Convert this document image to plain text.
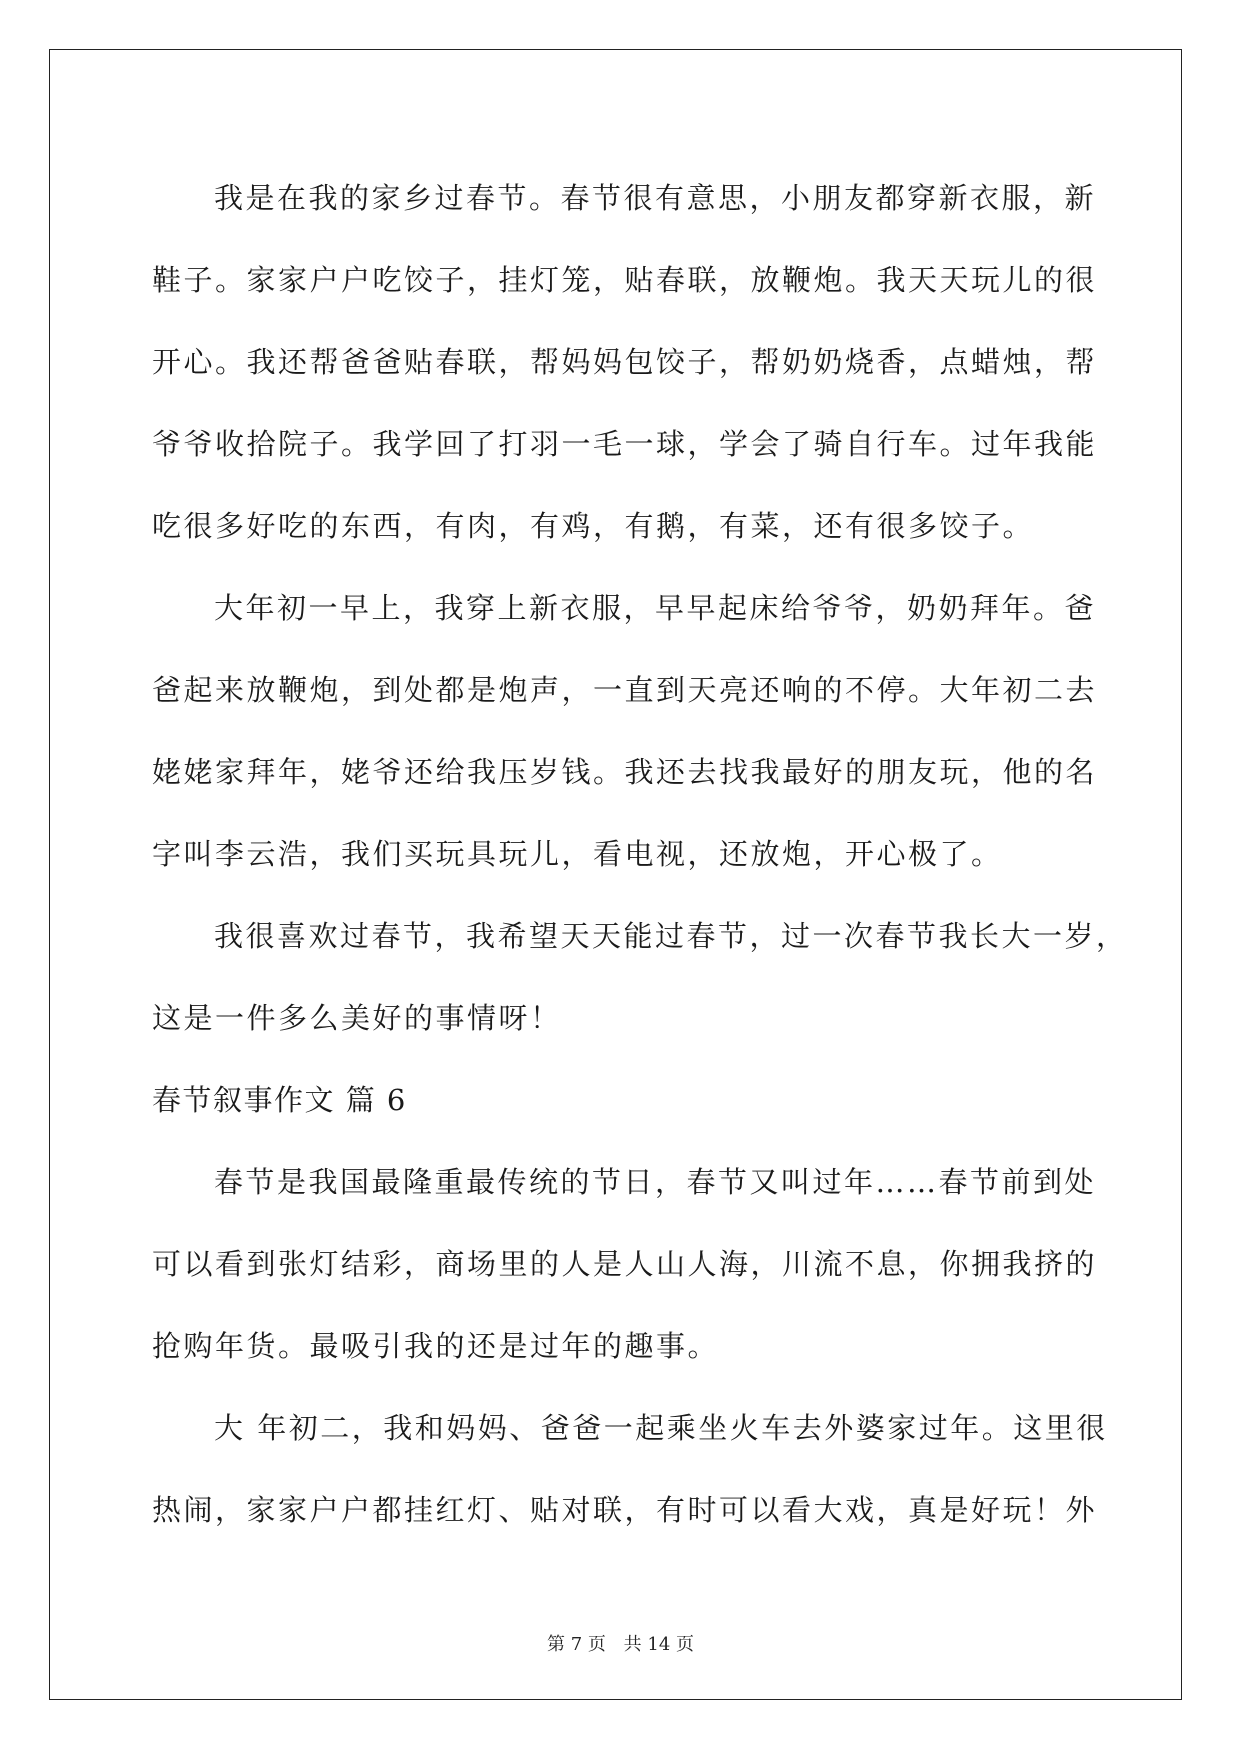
我是在我的家乡过春节。春节很有意思，小朋友都穿新衣服，新
鞋子。家家户户吃饺子，挂灯笼，贴春联，放鞭炮。我天天玩儿的很
开心。我还帮爸爸贴春联，帮妈妈包饺子，帮奶奶烧香，点蜡烛，帮
爷爷收拾院子。我学回了打羽一毛一球，学会了骑自行车。过年我能
吃很多好吃的东西，有肉，有鸡，有鹅，有菜，还有很多饺子。
大年初一早上，我穿上新衣服，早早起床给爷爷，奶奶拜年。爸
爸起来放鞭炮，到处都是炮声，一直到天亮还响的不停。大年初二去
姥姥家拜年，姥爷还给我压岁钱。我还去找我最好的朋友玩，他的名
字叫李云浩，我们买玩具玩儿，看电视，还放炮，开心极了。
我很喜欢过春节，我希望天天能过春节，过一次春节我长大一岁，
这是一件多么美好的事情呀！
春节叙事作文 篇 6
春节是我国最隆重最传统的节日，春节又叫过年……春节前到处
可以看到张灯结彩，商场里的人是人山人海，川流不息，你拥我挤的
抢购年货。最吸引我的还是过年的趣事。
大 年初二，我和妈妈、爸爸一起乘坐火车去外婆家过年。这里很
热闹，家家户户都挂红灯、贴对联，有时可以看大戏，真是好玩！外
第 7 页 共 14 页
